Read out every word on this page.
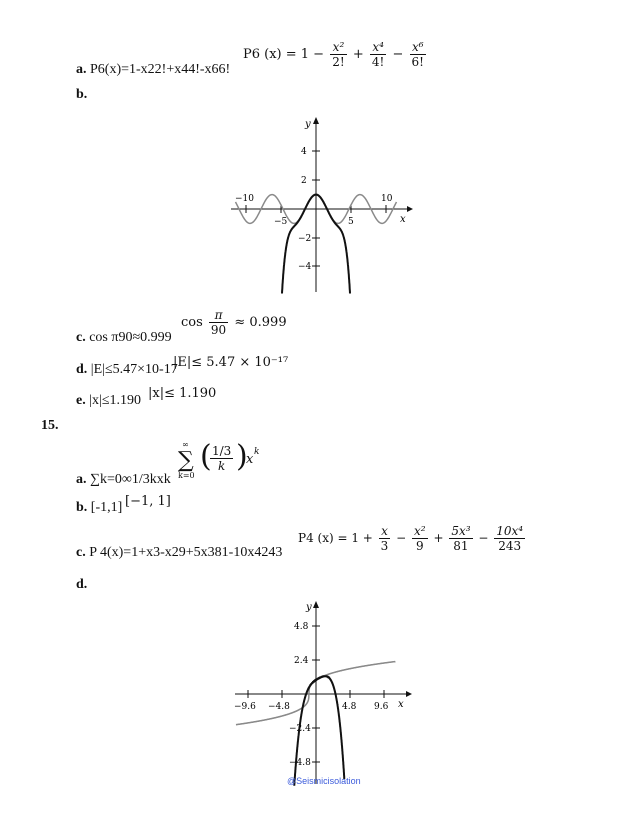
a. P6(x)=1-x22!+x44!-x66!
P6 $(x) = 1 - \frac{\text{x²}}{2!} + \frac{\text{x⁴}}{4!} - \frac{\text{x⁶}}{6!}$
b.
y
x
4
2
−2
−4
−10
−5	5
10
c. cos π90≈0.999
$\cos \frac{\pi}{90} \approx 0.999$
d. |E|≤5.47×10-17
|E|≤ 5.47 × 10⁻¹⁷
e. |x|≤1.190 |x|≤ 1.190
15.
∞
∑
k=0
(
$\frac{1/3}{k}$ )
x k
a. ∑k=0∞1/3kxk
b. [-1,1] [−1, 1]
c. P 4(x)=1+x3-x29+5x381-10x4243
P4 $(x) = 1 + \frac{x}{3} - \frac{\text{x²}}{9} + \frac{\text{5x³}}{81} - \frac{\text{10x⁴}}{243}$
d.
y
x
4.8
2.4
−2.4
−4.8
−9.6 −4.8	4.8 9.6
@Seismicisolation
